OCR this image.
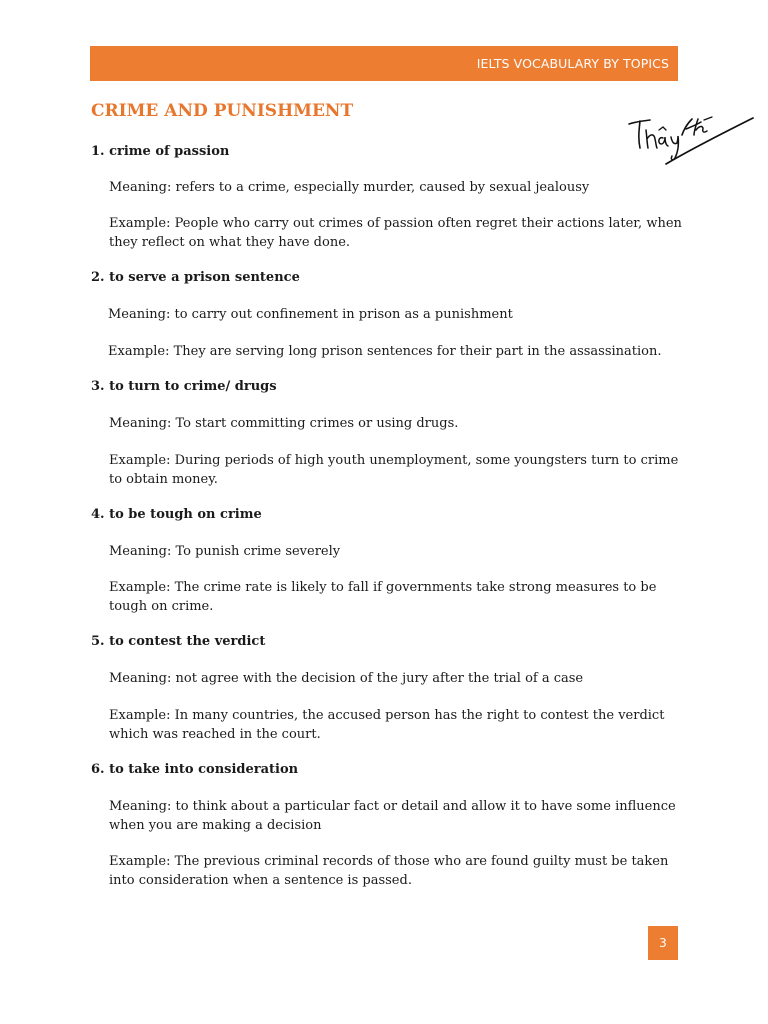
IELTS VOCABULARY BY TOPICS
CRIME AND PUNISHMENT

1. crime of passion

Meaning: refers to a crime, especially murder, caused by sexual jealousy

Example: People who carry out crimes of passion often regret their actions later, when they reflect on what they have done.

2. to serve a prison sentence

Meaning: to carry out confinement in prison as a punishment

Example: They are serving long prison sentences for their part in the assassination.

3. to turn to crime/ drugs

Meaning: To start committing crimes or using drugs.

Example: During periods of high youth unemployment, some youngsters turn to crime to obtain money.

4. to be tough on crime

Meaning: To punish crime severely

Example: The crime rate is likely to fall if governments take strong measures to be tough on crime.

5. to contest the verdict

Meaning: not agree with the decision of the jury after the trial of a case

Example: In many countries, the accused person has the right to contest the verdict which was reached in the court.

6. to take into consideration

Meaning: to think about a particular fact or detail and allow it to have some influence when you are making a decision

Example: The previous criminal records of those who are found guilty must be taken into consideration when a sentence is passed.

3
